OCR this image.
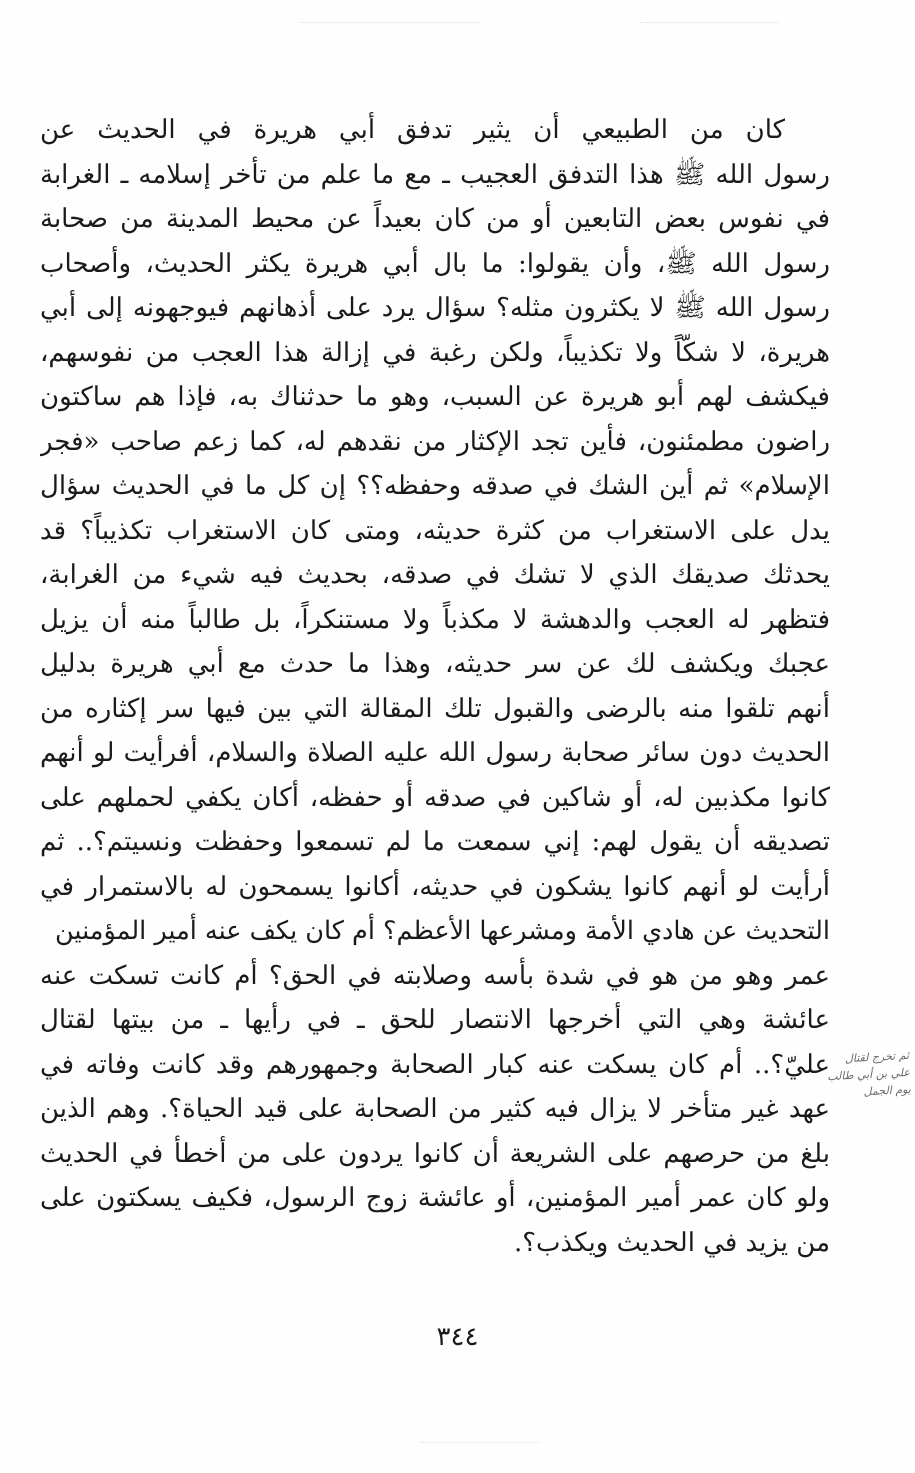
كان من الطبيعي أن يثير تدفق أبي هريرة في الحديث عن
رسول الله ﷺ هذا التدفق العجيب ـ مع ما علم من تأخر إسلامه ـ الغرابة
في نفوس بعض التابعين أو من كان بعيداً عن محيط المدينة من صحابة
رسول الله ﷺ، وأن يقولوا: ما بال أبي هريرة يكثر الحديث، وأصحاب
رسول الله ﷺ لا يكثرون مثله؟ سؤال يرد على أذهانهم فيوجهونه إلى أبي
هريرة، لا شكّاً ولا تكذيباً، ولكن رغبة في إزالة هذا العجب من نفوسهم،
فيكشف لهم أبو هريرة عن السبب، وهو ما حدثناك به، فإذا هم ساكتون
راضون مطمئنون، فأين تجد الإكثار من نقدهم له، كما زعم صاحب «فجر
الإسلام» ثم أين الشك في صدقه وحفظه؟؟ إن كل ما في الحديث سؤال
يدل على الاستغراب من كثرة حديثه، ومتى كان الاستغراب تكذيباً؟ قد
يحدثك صديقك الذي لا تشك في صدقه، بحديث فيه شيء من الغرابة،
فتظهر له العجب والدهشة لا مكذباً ولا مستنكراً، بل طالباً منه أن يزيل
عجبك ويكشف لك عن سر حديثه، وهذا ما حدث مع أبي هريرة بدليل
أنهم تلقوا منه بالرضى والقبول تلك المقالة التي بين فيها سر إكثاره من
الحديث دون سائر صحابة رسول الله عليه الصلاة والسلام، أفرأيت لو أنهم
كانوا مكذبين له، أو شاكين في صدقه أو حفظه، أكان يكفي لحملهم على
تصديقه أن يقول لهم: إني سمعت ما لم تسمعوا وحفظت ونسيتم؟.. ثم
أرأيت لو أنهم كانوا يشكون في حديثه، أكانوا يسمحون له بالاستمرار في
التحديث عن هادي الأمة ومشرعها الأعظم؟ أم كان يكف عنه أمير المؤمنين
عمر وهو من هو في شدة بأسه وصلابته في الحق؟ أم كانت تسكت عنه
عائشة وهي التي أخرجها الانتصار للحق ـ في رأيها ـ من بيتها لقتال
عليّ؟.. أم كان يسكت عنه كبار الصحابة وجمهورهم وقد كانت وفاته في
عهد غير متأخر لا يزال فيه كثير من الصحابة على قيد الحياة؟. وهم الذين
بلغ من حرصهم على الشريعة أن كانوا يردون على من أخطأ في الحديث
ولو كان عمر أمير المؤمنين، أو عائشة زوج الرسول، فكيف يسكتون على
من يزيد في الحديث ويكذب؟.
ثم تخرج لقتال
علي بن أبي طالب
يوم الجمل
٣٤٤
